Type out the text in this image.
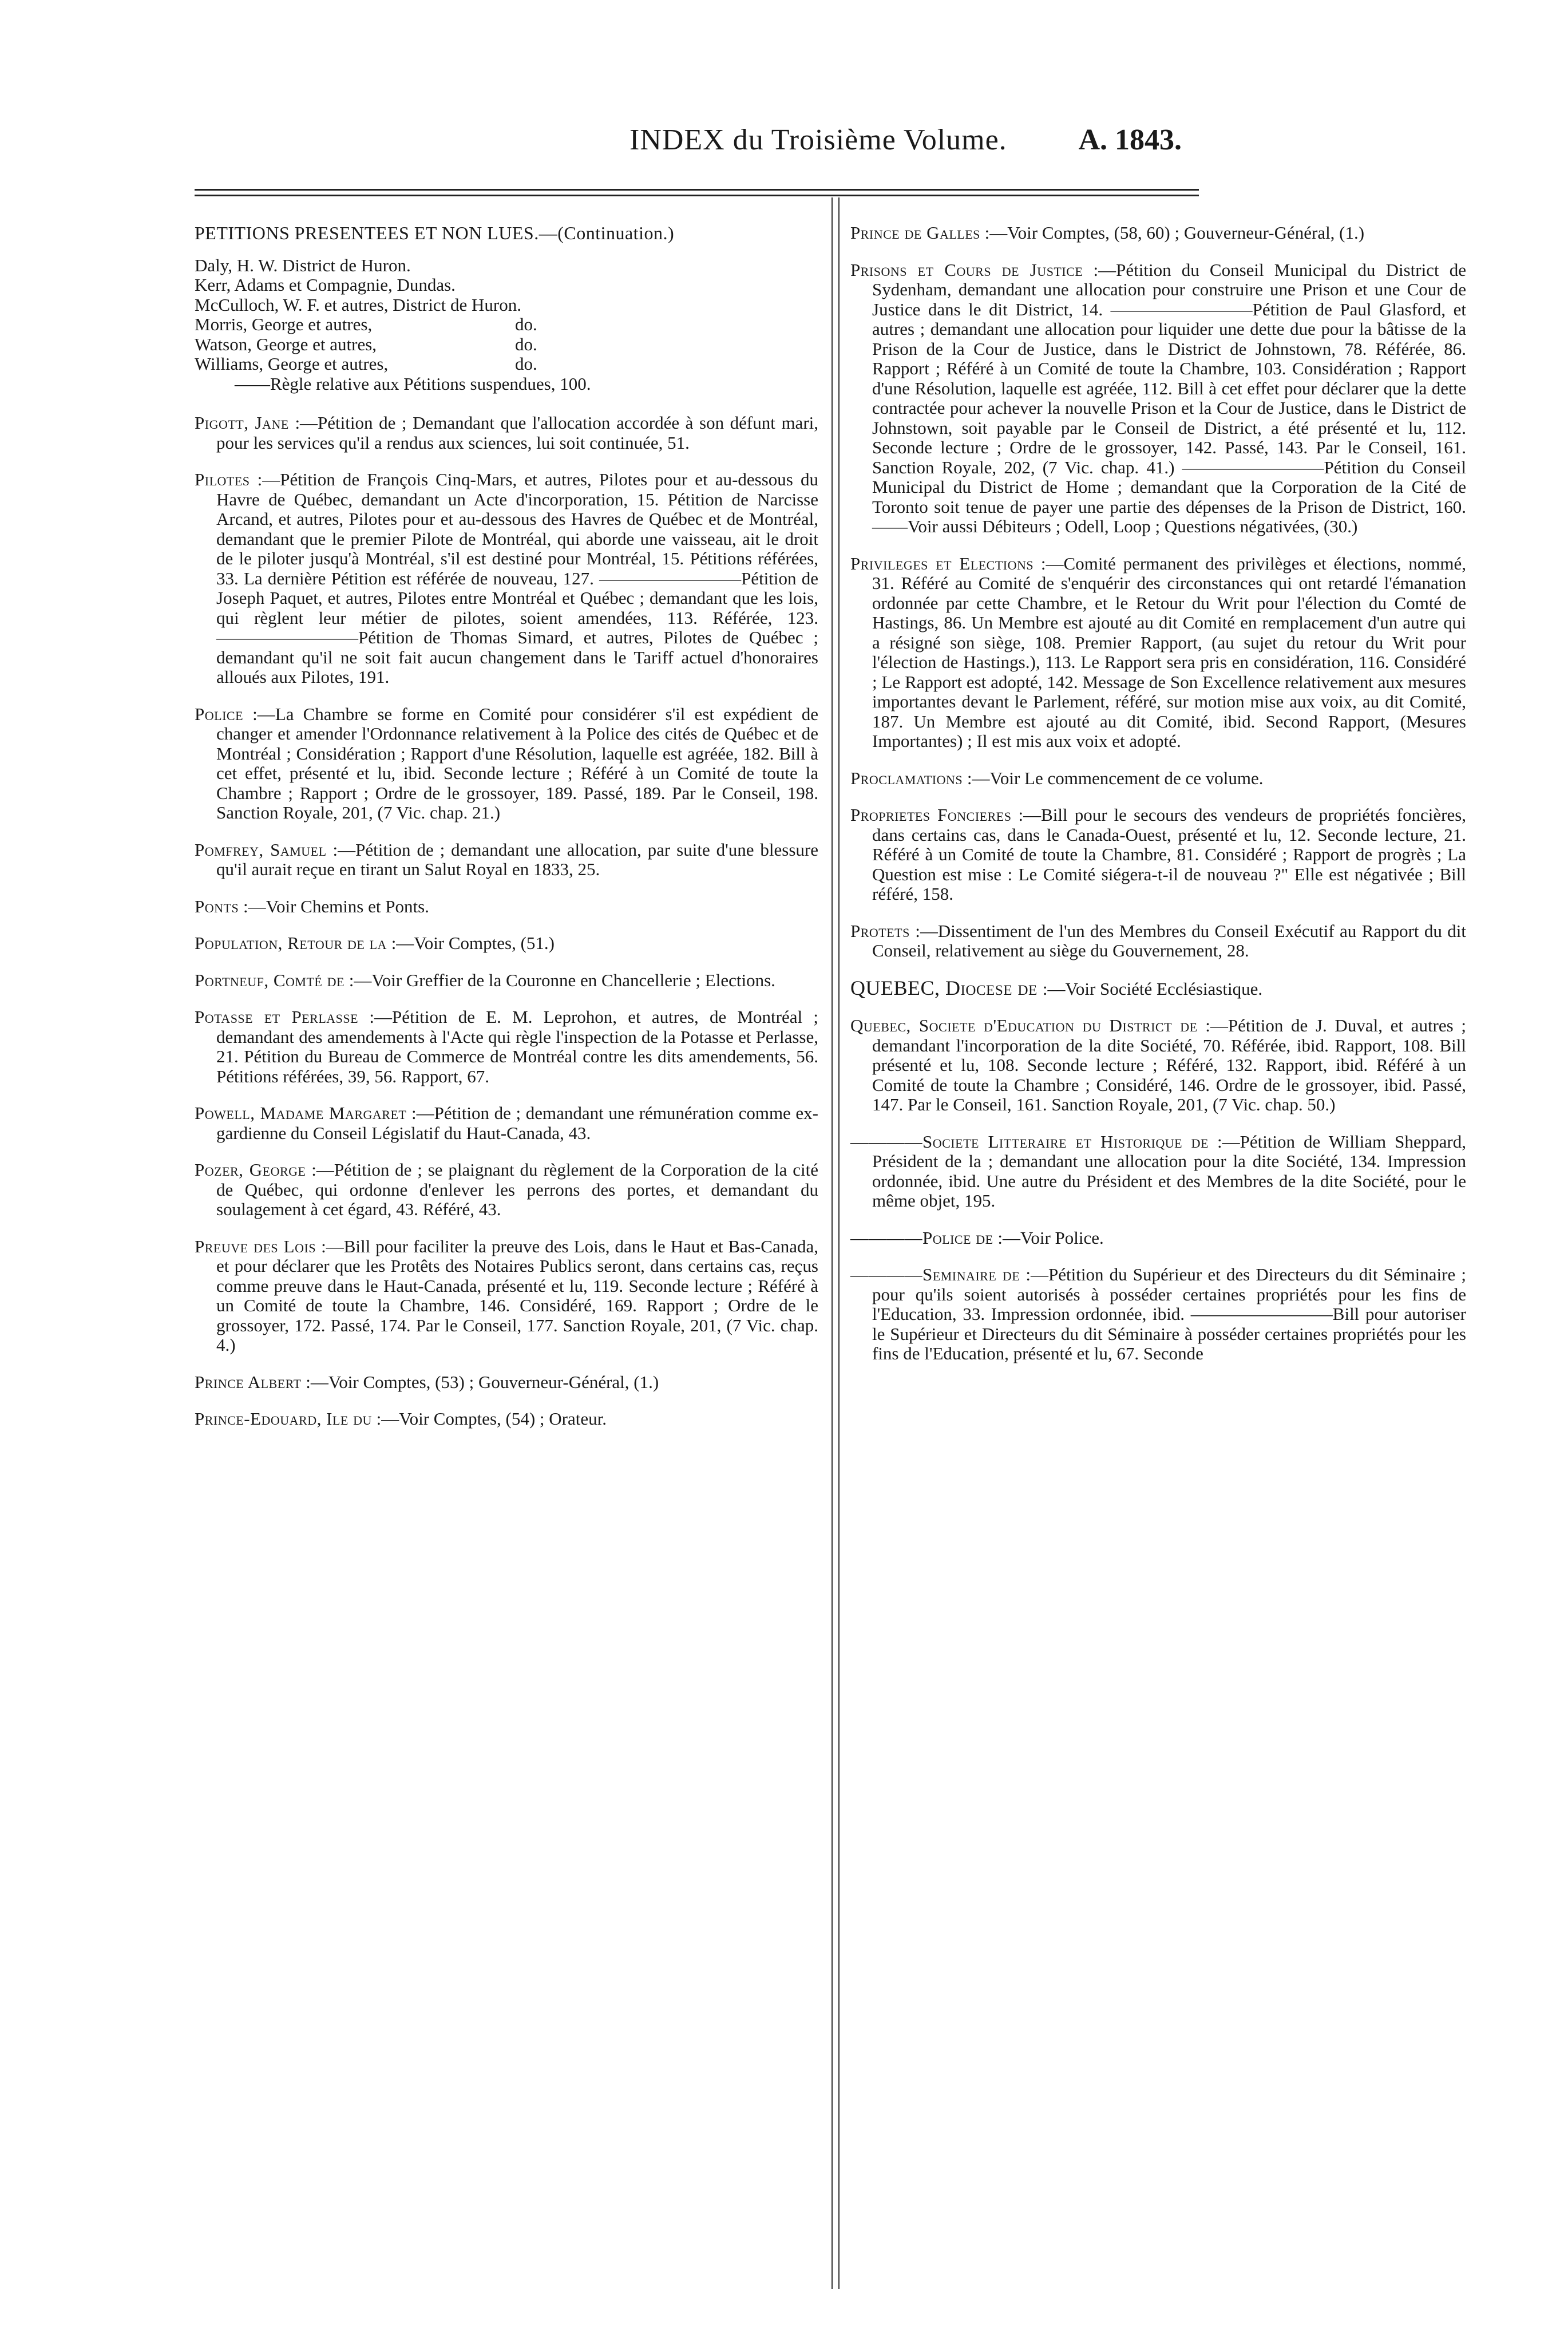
INDEX du Troisième Volume. A. 1843.
PETITIONS PRESENTEES ET NON LUES.—(Continuation.)

Daly, H. W. District de Huron.

Kerr, Adams et Compagnie, Dundas.

McCulloch, W. F. et autres, District de Huron.

Morris, George et autres,	do.

Watson, George et autres,	do.

Williams, George et autres,	do.

——Règle relative aux Pétitions suspendues, 100.

Pigott, Jane :—Pétition de ; Demandant que l'allocation accordée à son défunt mari, pour les services qu'il a rendus aux sciences, lui soit continuée, 51.

Pilotes :—Pétition de François Cinq-Mars, et autres, Pilotes pour et au-dessous du Havre de Québec, demandant un Acte d'incorporation, 15. Pétition de Narcisse Arcand, et autres, Pilotes pour et au-dessous des Havres de Québec et de Montréal, demandant que le premier Pilote de Montréal, qui aborde une vaisseau, ait le droit de le piloter jusqu'à Montréal, s'il est destiné pour Montréal, 15. Pétitions référées, 33. La dernière Pétition est référée de nouveau, 127. ————————Pétition de Joseph Paquet, et autres, Pilotes entre Montréal et Québec ; demandant que les lois, qui règlent leur métier de pilotes, soient amendées, 113. Référée, 123. ————————Pétition de Thomas Simard, et autres, Pilotes de Québec ; demandant qu'il ne soit fait aucun changement dans le Tariff actuel d'honoraires alloués aux Pilotes, 191.

Police :—La Chambre se forme en Comité pour considérer s'il est expédient de changer et amender l'Ordonnance relativement à la Police des cités de Québec et de Montréal ; Considération ; Rapport d'une Résolution, laquelle est agréée, 182. Bill à cet effet, présenté et lu, ibid. Seconde lecture ; Référé à un Comité de toute la Chambre ; Rapport ; Ordre de le grossoyer, 189. Passé, 189. Par le Conseil, 198. Sanction Royale, 201, (7 Vic. chap. 21.)

Pomfrey, Samuel :—Pétition de ; demandant une allocation, par suite d'une blessure qu'il aurait reçue en tirant un Salut Royal en 1833, 25.

Ponts :—Voir Chemins et Ponts.

Population, Retour de la :—Voir Comptes, (51.)

Portneuf, Comté de :—Voir Greffier de la Couronne en Chancellerie ; Elections.

Potasse et Perlasse :—Pétition de E. M. Leprohon, et autres, de Montréal ; demandant des amendements à l'Acte qui règle l'inspection de la Potasse et Perlasse, 21. Pétition du Bureau de Commerce de Montréal contre les dits amendements, 56. Pétitions référées, 39, 56. Rapport, 67.

Powell, Madame Margaret :—Pétition de ; demandant une rémunération comme ex-gardienne du Conseil Législatif du Haut-Canada, 43.

Pozer, George :—Pétition de ; se plaignant du règlement de la Corporation de la cité de Québec, qui ordonne d'enlever les perrons des portes, et demandant du soulagement à cet égard, 43. Référé, 43.

Preuve des Lois :—Bill pour faciliter la preuve des Lois, dans le Haut et Bas-Canada, et pour déclarer que les Protêts des Notaires Publics seront, dans certains cas, reçus comme preuve dans le Haut-Canada, présenté et lu, 119. Seconde lecture ; Référé à un Comité de toute la Chambre, 146. Considéré, 169. Rapport ; Ordre de le grossoyer, 172. Passé, 174. Par le Conseil, 177. Sanction Royale, 201, (7 Vic. chap. 4.)

Prince Albert :—Voir Comptes, (53) ; Gouverneur-Général, (1.)

Prince-Edouard, Ile du :—Voir Comptes, (54) ; Orateur.

Prince de Galles :—Voir Comptes, (58, 60) ; Gouverneur-Général, (1.)

Prisons et Cours de Justice :—Pétition du Conseil Municipal du District de Sydenham, demandant une allocation pour construire une Prison et une Cour de Justice dans le dit District, 14. ————————Pétition de Paul Glasford, et autres ; demandant une allocation pour liquider une dette due pour la bâtisse de la Prison de la Cour de Justice, dans le District de Johnstown, 78. Référée, 86. Rapport ; Référé à un Comité de toute la Chambre, 103. Considération ; Rapport d'une Résolution, laquelle est agréée, 112. Bill à cet effet pour déclarer que la dette contractée pour achever la nouvelle Prison et la Cour de Justice, dans le District de Johnstown, soit payable par le Conseil de District, a été présenté et lu, 112. Seconde lecture ; Ordre de le grossoyer, 142. Passé, 143. Par le Conseil, 161. Sanction Royale, 202, (7 Vic. chap. 41.) ————————Pétition du Conseil Municipal du District de Home ; demandant que la Corporation de la Cité de Toronto soit tenue de payer une partie des dépenses de la Prison de District, 160. ——Voir aussi Débiteurs ; Odell, Loop ; Questions négativées, (30.)

Privileges et Elections :—Comité permanent des privilèges et élections, nommé, 31. Référé au Comité de s'enquérir des circonstances qui ont retardé l'émanation ordonnée par cette Chambre, et le Retour du Writ pour l'élection du Comté de Hastings, 86. Un Membre est ajouté au dit Comité en remplacement d'un autre qui a résigné son siège, 108. Premier Rapport, (au sujet du retour du Writ pour l'élection de Hastings.), 113. Le Rapport sera pris en considération, 116. Considéré ; Le Rapport est adopté, 142. Message de Son Excellence relativement aux mesures importantes devant le Parlement, référé, sur motion mise aux voix, au dit Comité, 187. Un Membre est ajouté au dit Comité, ibid. Second Rapport, (Mesures Importantes) ; Il est mis aux voix et adopté.

Proclamations :—Voir Le commencement de ce volume.

Proprietes Foncieres :—Bill pour le secours des vendeurs de propriétés foncières, dans certains cas, dans le Canada-Ouest, présenté et lu, 12. Seconde lecture, 21. Référé à un Comité de toute la Chambre, 81. Considéré ; Rapport de progrès ; La Question est mise : Le Comité siégera-t-il de nouveau ?" Elle est négativée ; Bill référé, 158.

Protets :—Dissentiment de l'un des Membres du Conseil Exécutif au Rapport du dit Conseil, relativement au siège du Gouvernement, 28.

QUEBEC, Diocese de :—Voir Société Ecclésiastique.

Quebec, Societe d'Education du District de :—Pétition de J. Duval, et autres ; demandant l'incorporation de la dite Société, 70. Référée, ibid. Rapport, 108. Bill présenté et lu, 108. Seconde lecture ; Référé, 132. Rapport, ibid. Référé à un Comité de toute la Chambre ; Considéré, 146. Ordre de le grossoyer, ibid. Passé, 147. Par le Conseil, 161. Sanction Royale, 201, (7 Vic. chap. 50.)

————Societe Litteraire et Historique de :—Pétition de William Sheppard, Président de la ; demandant une allocation pour la dite Société, 134. Impression ordonnée, ibid. Une autre du Président et des Membres de la dite Société, pour le même objet, 195.

————Police de :—Voir Police.

————Seminaire de :—Pétition du Supérieur et des Directeurs du dit Séminaire ; pour qu'ils soient autorisés à posséder certaines propriétés pour les fins de l'Education, 33. Impression ordonnée, ibid. ————————Bill pour autoriser le Supérieur et Directeurs du dit Séminaire à posséder certaines propriétés pour les fins de l'Education, présenté et lu, 67. Seconde
